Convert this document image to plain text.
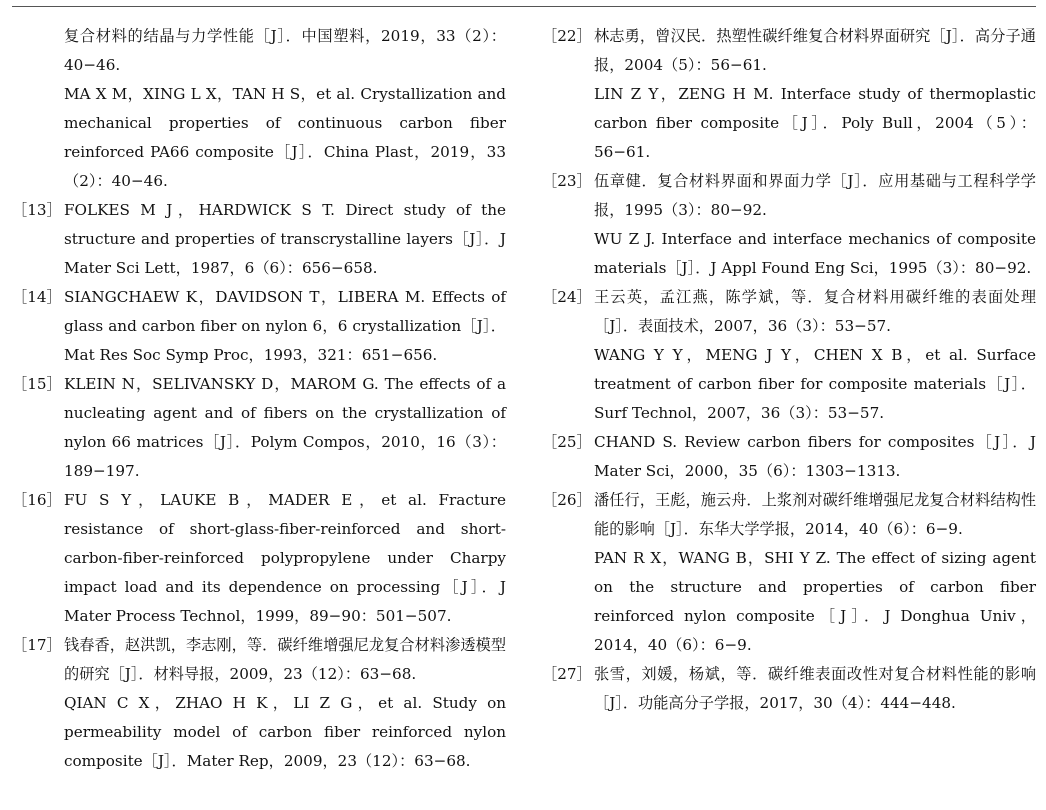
复合材料的结晶与力学性能［J］．中国塑料，2019，33（2）：40−46.
MA X M，XING L X，TAN H S，et al. Crystallization and mechanical properties of continuous carbon fiber reinforced PA66 composite［J］．China Plast，2019，33（2）：40−46.
［13］ FOLKES M J，HARDWICK S T. Direct study of the structure and properties of transcrystalline layers［J］．J Mater Sci Lett，1987，6（6）：656−658.
［14］ SIANGCHAEW K，DAVIDSON T，LIBERA M. Effects of glass and carbon fiber on nylon 6，6 crystallization［J］．Mat Res Soc Symp Proc，1993，321：651−656.
［15］ KLEIN N，SELIVANSKY D，MAROM G. The effects of a nucleating agent and of fibers on the crystallization of nylon 66 matrices［J］．Polym Compos，2010，16（3）：189−197.
［16］ FU S Y，LAUKE B，MADER E，et al. Fracture resistance of short-glass-fiber-reinforced and short-carbon-fiber-reinforced polypropylene under Charpy impact load and its dependence on processing［J］．J Mater Process Technol，1999，89−90：501−507.
［17］ 钱春香，赵洪凯，李志刚，等．碳纤维增强尼龙复合材料渗透模型的研究［J］．材料导报，2009，23（12）：63−68.
QIAN C X，ZHAO H K，LI Z G，et al. Study on permeability model of carbon fiber reinforced nylon composite［J］．Mater Rep，2009，23（12）：63−68.
［22］ 林志勇，曾汉民．热塑性碳纤维复合材料界面研究［J］．高分子通报，2004（5）：56−61.
LIN Z Y，ZENG H M. Interface study of thermoplastic carbon fiber composite［J］．Poly Bull，2004（5）：56−61.
［23］ 伍章健．复合材料界面和界面力学［J］．应用基础与工程科学学报，1995（3）：80−92.
WU Z J. Interface and interface mechanics of composite materials［J］．J Appl Found Eng Sci，1995（3）：80−92.
［24］ 王云英，孟江燕，陈学斌，等．复合材料用碳纤维的表面处理［J］．表面技术，2007，36（3）：53−57.
WANG Y Y，MENG J Y，CHEN X B，et al. Surface treatment of carbon fiber for composite materials［J］．Surf Technol，2007，36（3）：53−57.
［25］ CHAND S. Review carbon fibers for composites［J］．J Mater Sci，2000，35（6）：1303−1313.
［26］ 潘任行，王彪，施云舟．上浆剂对碳纤维增强尼龙复合材料结构性能的影响［J］．东华大学学报，2014，40（6）：6−9.
PAN R X，WANG B，SHI Y Z. The effect of sizing agent on the structure and properties of carbon fiber reinforced nylon composite［J］．J Donghua Univ，2014，40（6）：6−9.
［27］ 张雪，刘媛，杨斌，等．碳纤维表面改性对复合材料性能的影响［J］．功能高分子学报，2017，30（4）：444−448.
